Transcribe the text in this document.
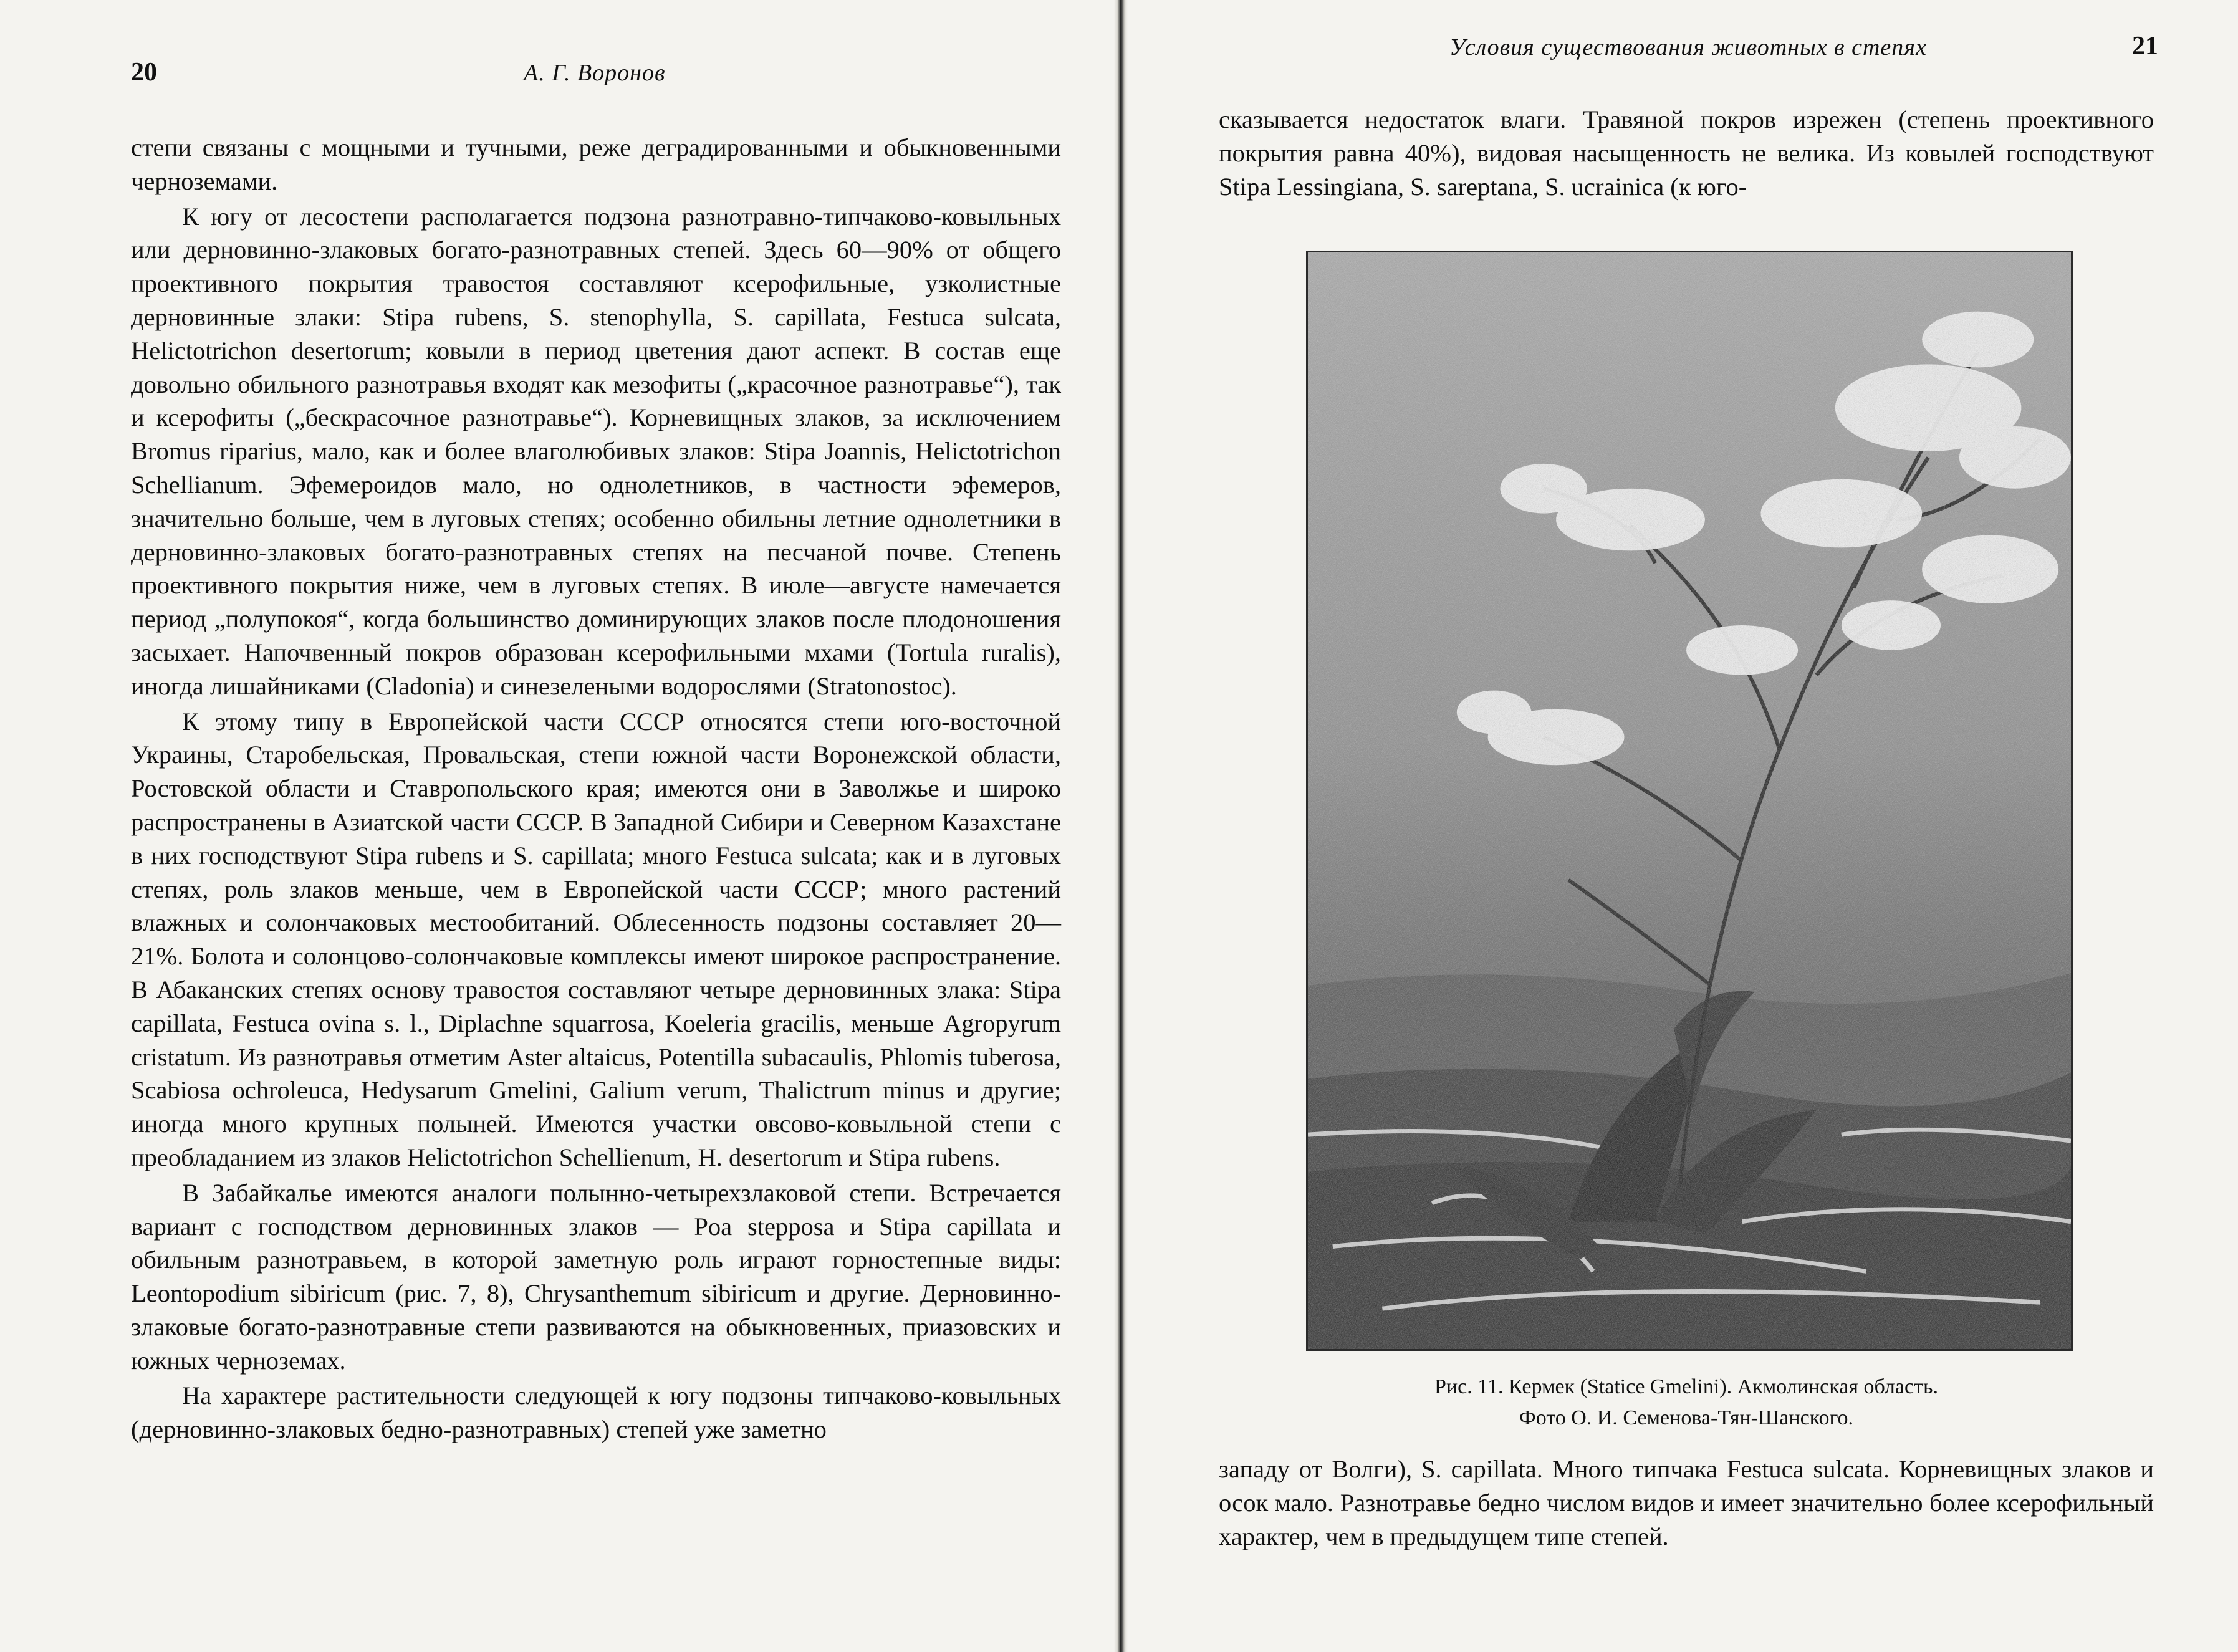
20	А. Г. Воронов

степи связаны с мощными и тучными, реже деградированными и обыкновенными черноземами.

К югу от лесостепи располагается подзона разнотравно-типчаково-ковыльных или дерновинно-злаковых богато-разнотравных степей. Здесь 60—90% от общего проективного покрытия травостоя составляют ксерофильные, узколистные дерновинные злаки: Stipa rubens, S. stenophylla, S. capillata, Festuca sulcata, Helictotrichon desertorum; ковыли в период цветения дают аспект. В состав еще довольно обильного разнотравья входят как мезофиты („красочное разнотравье“), так и ксерофиты („бескрасочное разнотравье“). Корневищных злаков, за исключением Bromus riparius, мало, как и более влаголюбивых злаков: Stipa Joannis, Helictotrichon Schellianum. Эфемероидов мало, но однолетников, в частности эфемеров, значительно больше, чем в луговых степях; особенно обильны летние однолетники в дерновинно-злаковых богато-разнотравных степях на песчаной почве. Степень проективного покрытия ниже, чем в луговых степях. В июле—августе намечается период „полупокоя“, когда большинство доминирующих злаков после плодоношения засыхает. Напочвенный покров образован ксерофильными мхами (Tortula ruralis), иногда лишайниками (Cladonia) и синезелеными водорослями (Stratonostoc).

К этому типу в Европейской части СССР относятся степи юго-восточной Украины, Старобельская, Провальская, степи южной части Воронежской области, Ростовской области и Ставропольского края; имеются они в Заволжье и широко распространены в Азиатской части СССР. В Западной Сибири и Северном Казахстане в них господствуют Stipa rubens и S. capillata; много Festuca sulcata; как и в луговых степях, роль злаков меньше, чем в Европейской части СССР; много растений влажных и солончаковых местообитаний. Облесенность подзоны составляет 20—21%. Болота и солонцово-солончаковые комплексы имеют широкое распространение. В Абаканских степях основу травостоя составляют четыре дерновинных злака: Stipa capillata, Festuca ovina s. l., Diplachne squarrosa, Koeleria gracilis, меньше Agropyrum cristatum. Из разнотравья отметим Aster altaicus, Potentilla subacaulis, Phlomis tuberosa, Scabiosa ochroleuca, Hedysarum Gmelini, Galium verum, Thalictrum minus и другие; иногда много крупных полыней. Имеются участки овсово-ковыльной степи с преобладанием из злаков Helictotrichon Schellienum, H. desertorum и Stipa rubens.

В Забайкалье имеются аналоги полынно-четырехзлаковой степи. Встречается вариант с господством дерновинных злаков — Poa stepposa и Stipa capillata и обильным разнотравьем, в которой заметную роль играют горностепные виды: Leontopodium sibiricum (рис. 7, 8), Chrysanthemum sibiricum и другие. Дерновинно-злаковые богато-разнотравные степи развиваются на обыкновенных, приазовских и южных черноземах.

На характере растительности следующей к югу подзоны типчаково-ковыльных (дерновинно-злаковых бедно-разнотравных) степей уже заметно

Условия существования животных в степях	21

сказывается недостаток влаги. Травяной покров изрежен (степень проективного покрытия равна 40%), видовая насыщенность не велика. Из ковылей господствуют Stipa Lessingiana, S. sareptana, S. ucrainica (к юго-

Рис. 11. Кермек (Statice Gmelini). Акмолинская область.
Фото О. И. Семенова-Тян-Шанского.

западу от Волги), S. capillata. Много типчака Festuca sulcata. Корневищных злаков и осок мало. Разнотравье бедно числом видов и имеет значительно более ксерофильный характер, чем в предыдущем типе степей.
